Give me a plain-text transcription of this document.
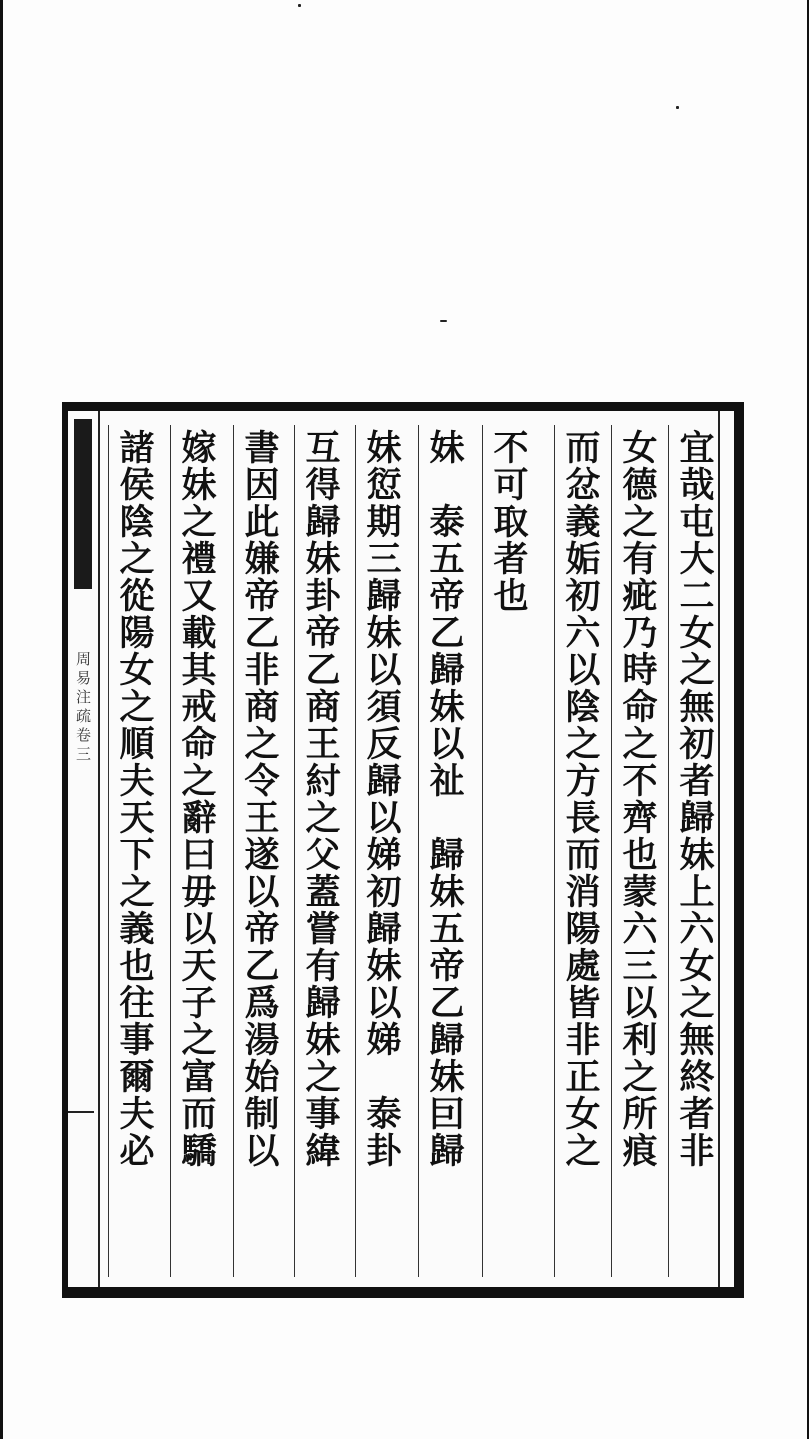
周易注疏卷三	宜哉屯大二女之無初者歸妹上六女之無終者非
女德之有疵乃時命之不齊也蒙六三以利之所㾗
而忿義姤初六以陰之方長而消陽處皆非正女之
不可取者也
妹　泰五帝乙歸妹以祉　歸妹五帝乙歸妹囙歸
妹愆期三歸妹以須反歸以娣初歸妹以娣　泰卦
互得歸妹卦帝乙商王紂之父蓋嘗有歸妹之事緯
書因此嫌帝乙非商之令王遂以帝乙爲湯始制以
嫁妹之禮又載其戒命之辭曰毋以天子之富而驕
諸侯陰之從陽女之順夫天下之義也往事爾夫必
